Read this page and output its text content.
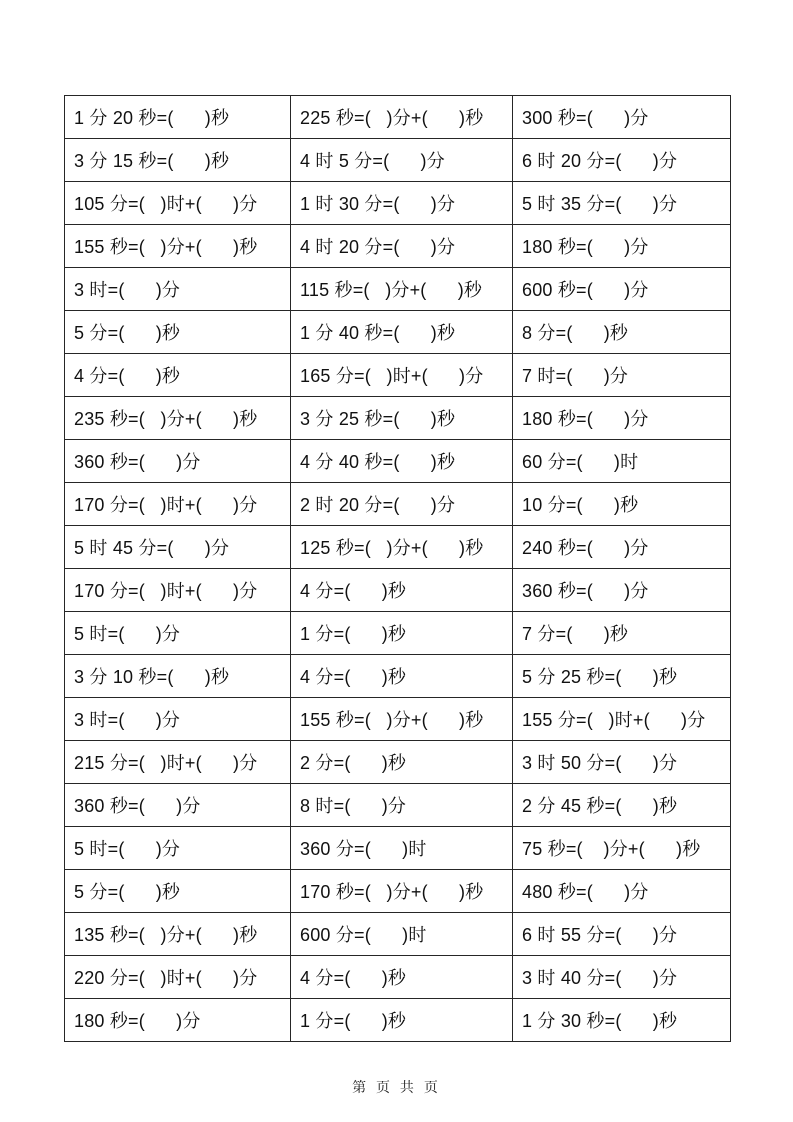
1 分 20 秒=(      )秒	225 秒=(   )分+(      )秒	300 秒=(      )分
3 分 15 秒=(      )秒	4 时 5 分=(      )分	6 时 20 分=(      )分
105 分=(   )时+(      )分	1 时 30 分=(      )分	5 时 35 分=(      )分
155 秒=(   )分+(      )秒	4 时 20 分=(      )分	180 秒=(      )分
3 时=(      )分	115 秒=(   )分+(      )秒	600 秒=(      )分
5 分=(      )秒	1 分 40 秒=(      )秒	8 分=(      )秒
4 分=(      )秒	165 分=(   )时+(      )分	7 时=(      )分
235 秒=(   )分+(      )秒	3 分 25 秒=(      )秒	180 秒=(      )分
360 秒=(      )分	4 分 40 秒=(      )秒	60 分=(      )时
170 分=(   )时+(      )分	2 时 20 分=(      )分	10 分=(      )秒
5 时 45 分=(      )分	125 秒=(   )分+(      )秒	240 秒=(      )分
170 分=(   )时+(      )分	4 分=(      )秒	360 秒=(      )分
5 时=(      )分	1 分=(      )秒	7 分=(      )秒
3 分 10 秒=(      )秒	4 分=(      )秒	5 分 25 秒=(      )秒
3 时=(      )分	155 秒=(   )分+(      )秒	155 分=(   )时+(      )分
215 分=(   )时+(      )分	2 分=(      )秒	3 时 50 分=(      )分
360 秒=(      )分	8 时=(      )分	2 分 45 秒=(      )秒
5 时=(      )分	360 分=(      )时	75 秒=(    )分+(      )秒
5 分=(      )秒	170 秒=(   )分+(      )秒	480 秒=(      )分
135 秒=(   )分+(      )秒	600 分=(      )时	6 时 55 分=(      )分
220 分=(   )时+(      )分	4 分=(      )秒	3 时 40 分=(      )分
180 秒=(      )分	1 分=(      )秒	1 分 30 秒=(      )秒
第 页 共 页
